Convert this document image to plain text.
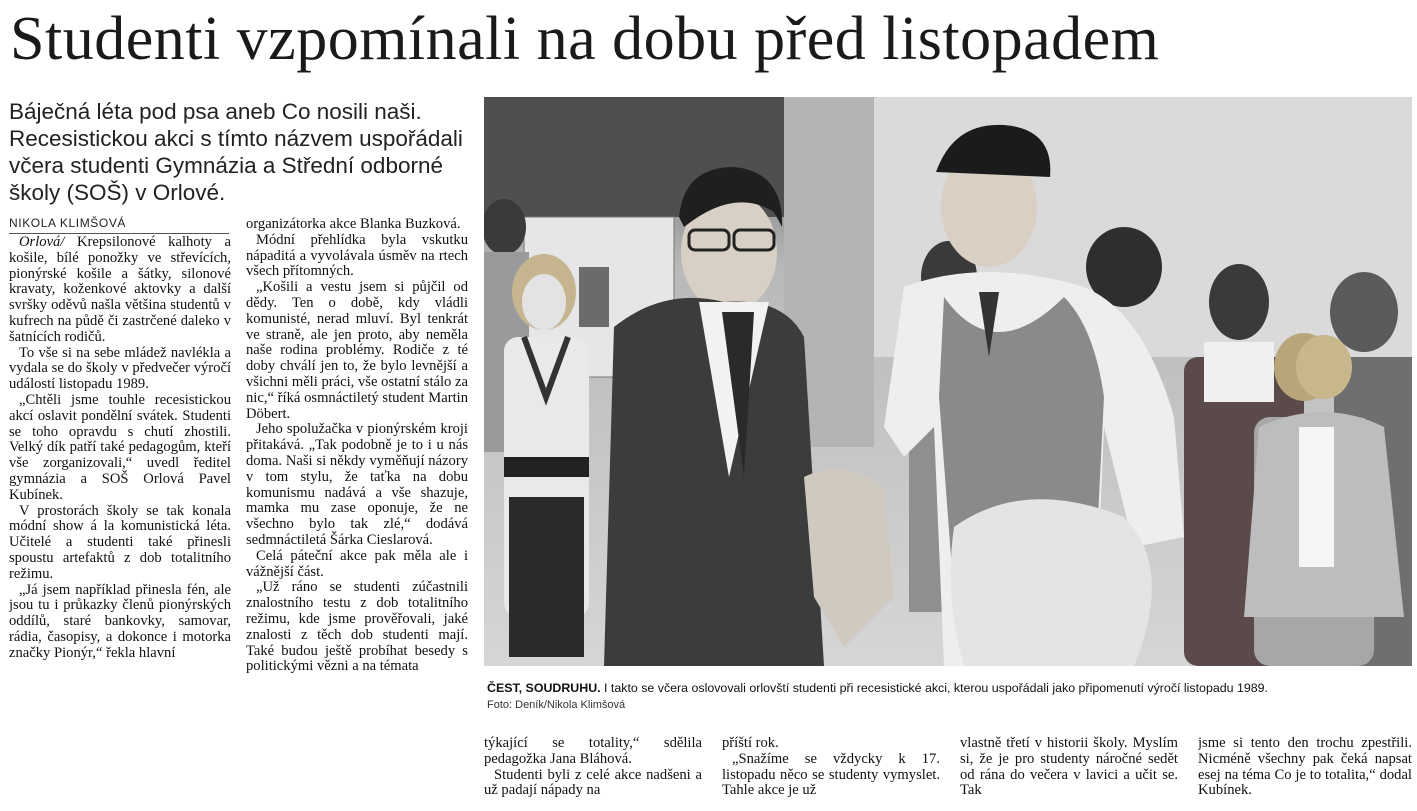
Studenti vzpomínali na dobu před listopadem
Báječná léta pod psa aneb Co nosili naši. Recesistickou akci s tímto názvem uspořádali včera studenti Gymnázia a Střední odborné školy (SOŠ) v Orlové.
NIKOLA KLIMŠOVÁ

Orlová/ Krepsilonové kalhoty a košile, bílé ponožky ve střevících, pionýrské košile a šátky, silonové kravaty, koženkové aktovky a další svršky oděvů našla většina studentů v kufrech na půdě či zastrčené daleko v šatnících rodičů.

To vše si na sebe mládež navlékla a vydala se do školy v předvečer výročí událostí listopadu 1989.

„Chtěli jsme touhle recesistickou akcí oslavit pondělní svátek. Studenti se toho opravdu s chutí zhostili. Velký dík patří také pedagogům, kteří vše zorganizovali,“ uvedl ředitel gymnázia a SOŠ Orlová Pavel Kubínek.

V prostorách školy se tak konala módní show á la komunistická léta. Učitelé a studenti také přinesli spoustu artefaktů z dob totalitního režimu.

„Já jsem například přinesla fén, ale jsou tu i průkazky členů pionýrských oddílů, staré bankovky, samovar, rádia, časopisy, a dokonce i motorka značky Pionýr,“ řekla hlavní

organizátorka akce Blanka Buzková.

Módní přehlídka byla vskutku nápaditá a vyvolávala úsměv na rtech všech přítomných.

„Košili a vestu jsem si půjčil od dědy. Ten o době, kdy vládli komunisté, nerad mluví. Byl tenkrát ve straně, ale jen proto, aby neměla naše rodina problémy. Rodiče z té doby chválí jen to, že bylo levnější a všichni měli práci, vše ostatní stálo za nic,“ říká osmnáctiletý student Martin Döbert.

Jeho spolužačka v pionýrském kroji přitakává. „Tak podobně je to i u nás doma. Naši si někdy vyměňují názory v tom stylu, že taťka na dobu komunismu nadává a vše shazuje, mamka mu zase oponuje, že ne všechno bylo tak zlé,“ dodává sedmnáctiletá Šárka Cieslarová.

Celá páteční akce pak měla ale i vážnější část.

„Už ráno se studenti zúčastnili znalostního testu z dob totalitního režimu, kde jsme prověřovali, jaké znalosti z těch dob studenti mají. Také budou ještě probíhat besedy s politickými vězni a na témata

ČEST, SOUDRUHU. I takto se včera oslovovali orlovští studenti při recesistické akci, kterou uspořádali jako připomenutí výročí listopadu 1989.
Foto: Deník/Nikola Klimšová

týkající se totality,“ sdělila pedagožka Jana Bláhová.

Studenti byli z celé akce nadšeni a už padají nápady na

příští rok.

„Snažíme se vždycky k 17. listopadu něco se studenty vymyslet. Tahle akce je už

vlastně třetí v historii školy. Myslím si, že je pro studenty náročné sedět od rána do večera v lavici a učit se. Tak

jsme si tento den trochu zpestřili. Nicméně všechny pak čeká napsat esej na téma Co je to totalita,“ dodal Kubínek.
